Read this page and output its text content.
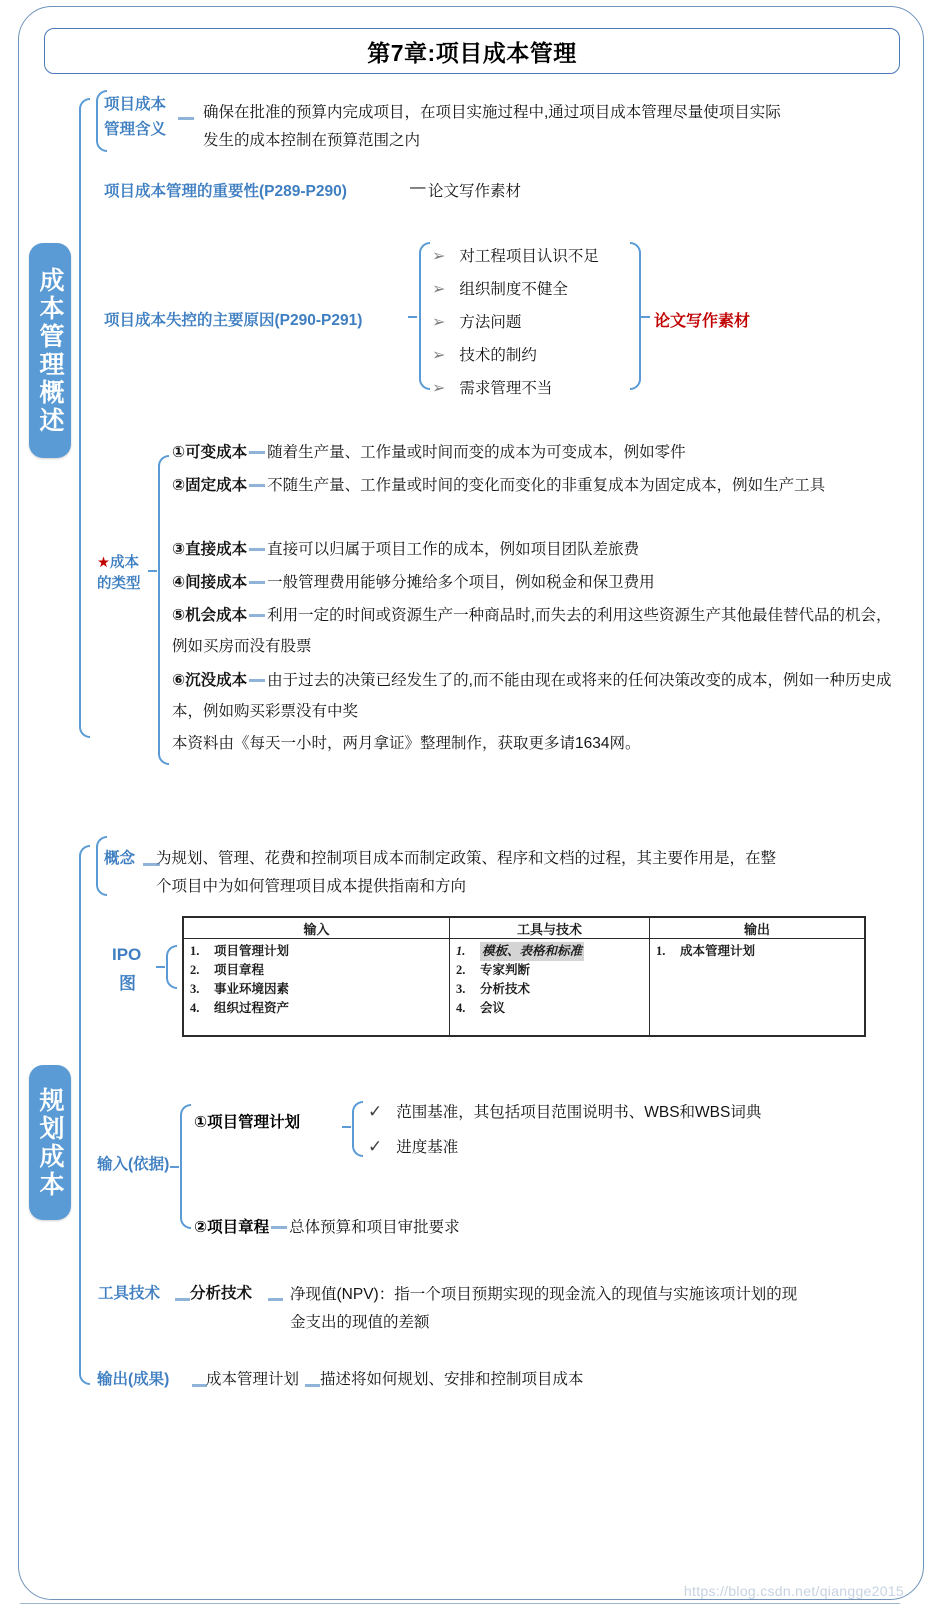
第7章:项目成本管理
成本管理概述
项目成本
管理含义
确保在批准的预算内完成项目，在项目实施过程中,通过项目成本管理尽量使项目实际
发生的成本控制在预算范围之内
项目成本管理的重要性(P289-P290)	— 论文写作素材
项目成本失控的主要原因(P290-P291)
➢ 对工程项目认识不足
➢ 组织制度不健全
➢ 方法问题
➢ 技术的制约
➢ 需求管理不当
论文写作素材
★成本
的类型
①可变成本 随着生产量、工作量或时间而变的成本为可变成本，例如零件
②固定成本 不随生产量、工作量或时间的变化而变化的非重复成本为固定成本，例如生产工具
③直接成本 直接可以归属于项目工作的成本，例如项目团队差旅费
④间接成本 一般管理费用能够分摊给多个项目，例如税金和保卫费用
⑤机会成本 利用一定的时间或资源生产一种商品时,而失去的利用这些资源生产其他最佳替代品的机会，例如买房而没有股票
⑥沉没成本 由于过去的决策已经发生了的,而不能由现在或将来的任何决策改变的成本，例如一种历史成本，例如购买彩票没有中奖
本资料由《每天一小时，两月拿证》整理制作，获取更多请1634网。
规划成本
概念 为规划、管理、花费和控制项目成本而制定政策、程序和文档的过程，其主要作用是，在整
个项目中为如何管理项目成本提供指南和方向
IPO
图
输入	工具与技术	输出

1.	项目管理计划
2.	项目章程
3.	事业环境因素
4.	组织过程资产

1.	模板、表格和标准
2.	专家判断
3.	分析技术
4.	会议

1.	成本管理计划
输入(依据)
①项目管理计划
✓ 范围基准，其包括项目范围说明书、WBS和WBS词典
✓ 进度基准
②项目章程 总体预算和项目审批要求
工具技术 分析技术 净现值(NPV)：指一个项目预期实现的现金流入的现值与实施该项计划的现
金支出的现值的差额
输出(成果) 成本管理计划 描述将如何规划、安排和控制项目成本
https://blog.csdn.net/qiangge2015
